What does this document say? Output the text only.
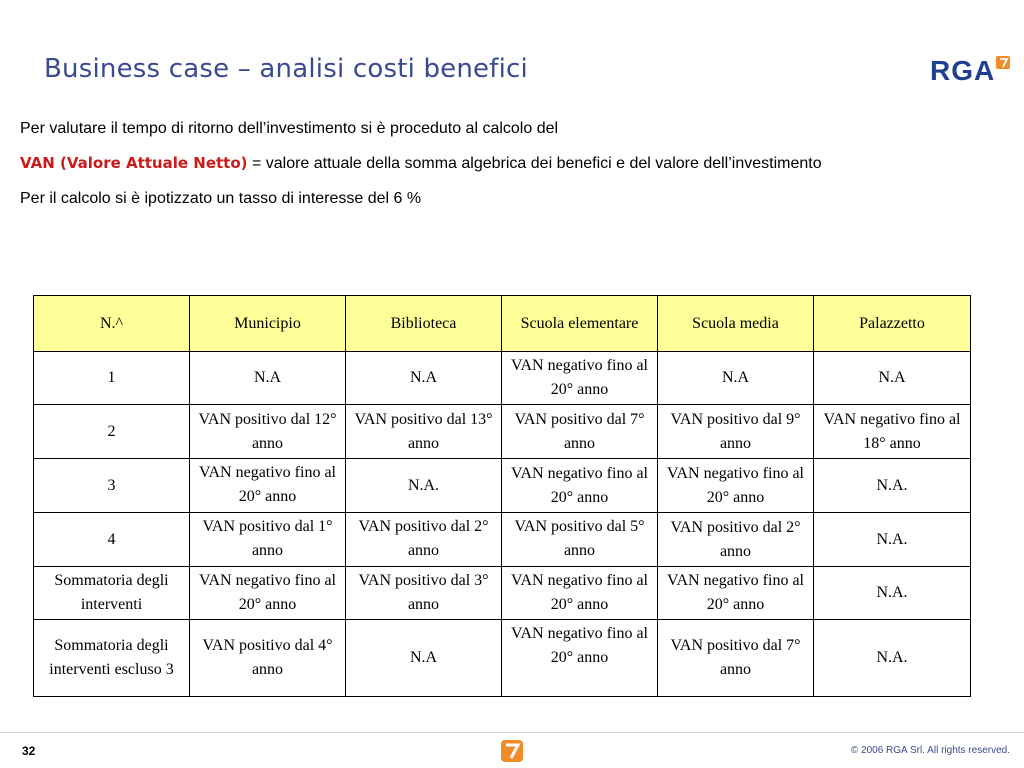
Business case – analisi costi benefici	RGA
Per valutare il tempo di ritorno dell’investimento si è proceduto al calcolo del
VAN (Valore Attuale Netto) = valore attuale della somma algebrica dei benefici e del valore dell’investimento
Per il calcolo si è ipotizzato un tasso di interesse del 6 %
N.^	Municipio	Biblioteca	Scuola elementare	Scuola media	Palazzetto
1	N.A	N.A	VAN negativo fino al 20° anno	N.A	N.A
2	VAN positivo dal 12° anno	VAN positivo dal 13° anno	VAN positivo dal 7° anno	VAN positivo dal 9° anno	VAN negativo fino al 18° anno
3	VAN negativo fino al 20° anno	N.A.	VAN negativo fino al 20° anno	VAN negativo fino al 20° anno	N.A.
4	VAN positivo dal 1° anno	VAN positivo dal 2° anno	VAN positivo dal 5° anno	VAN positivo dal 2° anno	N.A.
Sommatoria degli interventi	VAN negativo fino al 20° anno	VAN positivo dal 3° anno	VAN negativo fino al 20° anno	VAN negativo fino al 20° anno	N.A.
Sommatoria degli interventi escluso 3	VAN positivo dal 4° anno	N.A	VAN negativo fino al 20° anno	VAN positivo dal 7° anno	N.A.
32	© 2006 RGA Srl. All rights reserved.
